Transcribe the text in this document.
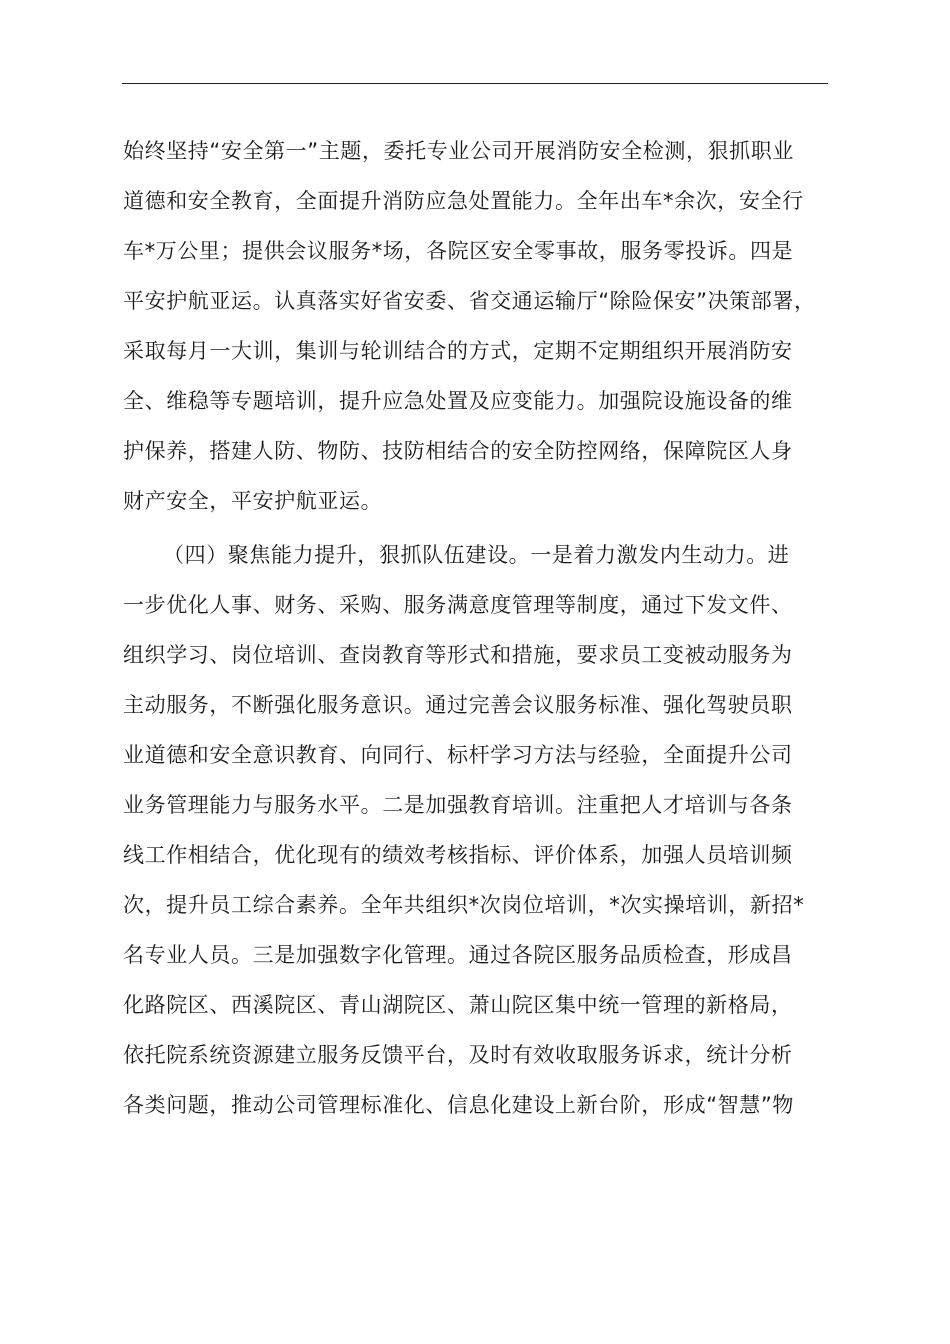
始终坚持“安全第一”主题，委托专业公司开展消防安全检测，狠抓职业
道德和安全教育，全面提升消防应急处置能力。全年出车*余次，安全行
车*万公里；提供会议服务*场，各院区安全零事故，服务零投诉。四是
平安护航亚运。认真落实好省安委、省交通运输厅“除险保安”决策部署，
采取每月一大训，集训与轮训结合的方式，定期不定期组织开展消防安
全、维稳等专题培训，提升应急处置及应变能力。加强院设施设备的维
护保养，搭建人防、物防、技防相结合的安全防控网络，保障院区人身
财产安全，平安护航亚运。
（四）聚焦能力提升，狠抓队伍建设。一是着力激发内生动力。进
一步优化人事、财务、采购、服务满意度管理等制度，通过下发文件、
组织学习、岗位培训、查岗教育等形式和措施，要求员工变被动服务为
主动服务，不断强化服务意识。通过完善会议服务标准、强化驾驶员职
业道德和安全意识教育、向同行、标杆学习方法与经验，全面提升公司
业务管理能力与服务水平。二是加强教育培训。注重把人才培训与各条
线工作相结合，优化现有的绩效考核指标、评价体系，加强人员培训频
次，提升员工综合素养。全年共组织*次岗位培训，*次实操培训，新招*
名专业人员。三是加强数字化管理。通过各院区服务品质检查，形成昌
化路院区、西溪院区、青山湖院区、萧山院区集中统一管理的新格局，
依托院系统资源建立服务反馈平台，及时有效收取服务诉求，统计分析
各类问题，推动公司管理标准化、信息化建设上新台阶，形成“智慧”物
